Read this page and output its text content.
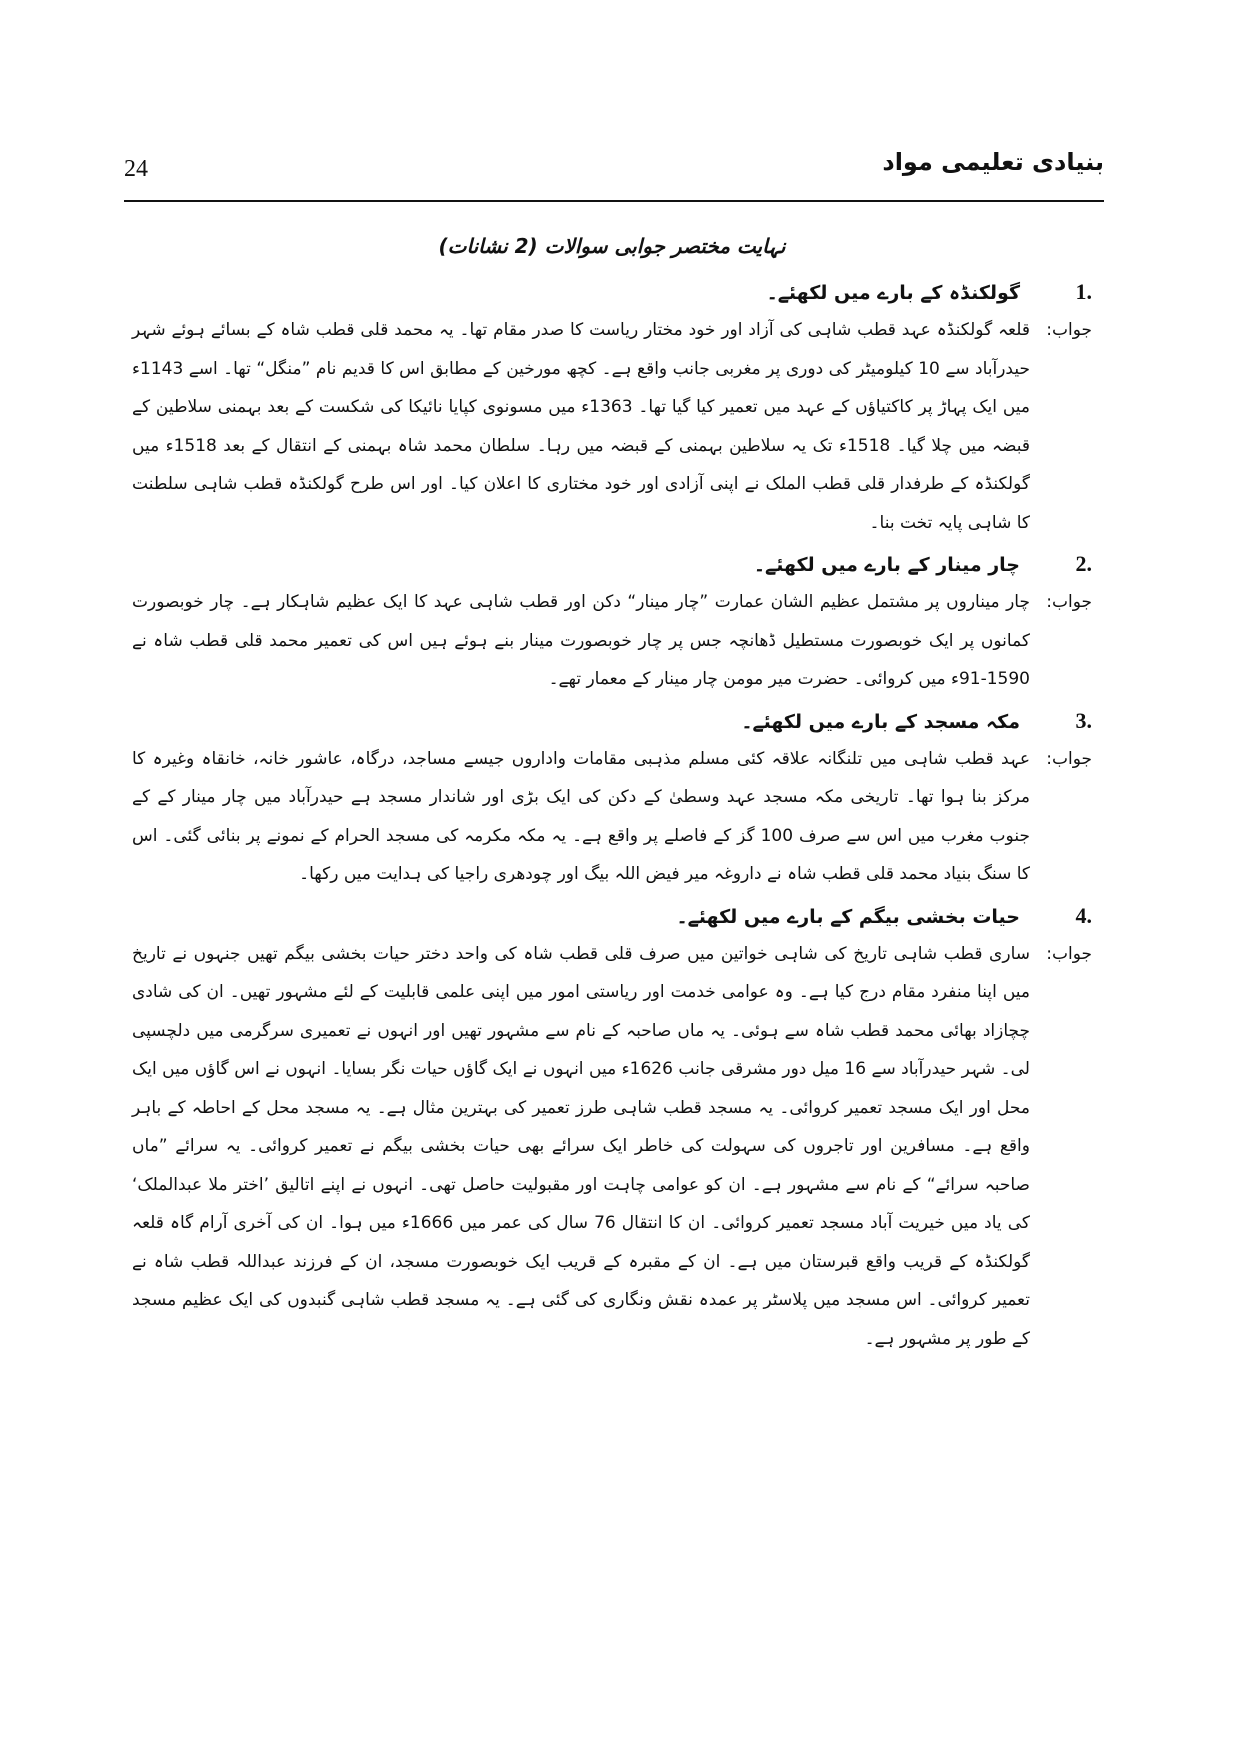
24	بنیادی تعلیمی مواد
نہایت مختصر جوابی سوالات (2 نشانات)
.1
گولکنڈہ کے بارے میں لکھئے۔
جواب:
قلعہ گولکنڈہ عہد قطب شاہی کی آزاد اور خود مختار ریاست کا صدر مقام تھا۔ یہ محمد قلی قطب شاہ کے بسائے ہوئے شہر حیدرآباد سے 10 کیلومیٹر کی دوری پر مغربی جانب واقع ہے۔ کچھ مورخین کے مطابق اس کا قدیم نام ”منگل“ تھا۔ اسے 1143ء میں ایک پہاڑ پر کاکتیاؤں کے عہد میں تعمیر کیا گیا تھا۔ 1363ء میں مسونوی کپایا نائیکا کی شکست کے بعد بہمنی سلاطین کے قبضہ میں چلا گیا۔ 1518ء تک یہ سلاطین بہمنی کے قبضہ میں رہا۔ سلطان محمد شاہ بہمنی کے انتقال کے بعد 1518ء میں گولکنڈہ کے طرفدار قلی قطب الملک نے اپنی آزادی اور خود مختاری کا اعلان کیا۔ اور اس طرح گولکنڈہ قطب شاہی سلطنت کا شاہی پایہ تخت بنا۔
.2
چار مینار کے بارے میں لکھئے۔
جواب:
چار میناروں پر مشتمل عظیم الشان عمارت ”چار مینار“ دکن اور قطب شاہی عہد کا ایک عظیم شاہکار ہے۔ چار خوبصورت کمانوں پر ایک خوبصورت مستطیل ڈھانچہ جس پر چار خوبصورت مینار بنے ہوئے ہیں اس کی تعمیر محمد قلی قطب شاہ نے 1590-91ء میں کروائی۔ حضرت میر مومن چار مینار کے معمار تھے۔
.3
مکہ مسجد کے بارے میں لکھئے۔
جواب:
عہد قطب شاہی میں تلنگانہ علاقہ کئی مسلم مذہبی مقامات واداروں جیسے مساجد، درگاہ، عاشور خانہ، خانقاہ وغیرہ کا مرکز بنا ہوا تھا۔ تاریخی مکہ مسجد عہد وسطیٰ کے دکن کی ایک بڑی اور شاندار مسجد ہے حیدرآباد میں چار مینار کے کے جنوب مغرب میں اس سے صرف 100 گز کے فاصلے پر واقع ہے۔ یہ مکہ مکرمہ کی مسجد الحرام کے نمونے پر بنائی گئی۔ اس کا سنگ بنیاد محمد قلی قطب شاہ نے داروغہ میر فیض اللہ بیگ اور چودھری راجیا کی ہدایت میں رکھا۔
.4
حیات بخشی بیگم کے بارے میں لکھئے۔
جواب:
ساری قطب شاہی تاریخ کی شاہی خواتین میں صرف قلی قطب شاہ کی واحد دختر حیات بخشی بیگم تھیں جنہوں نے تاریخ میں اپنا منفرد مقام درج کیا ہے۔ وہ عوامی خدمت اور ریاستی امور میں اپنی علمی قابلیت کے لئے مشہور تھیں۔ ان کی شادی چچازاد بھائی محمد قطب شاہ سے ہوئی۔ یہ ماں صاحبہ کے نام سے مشہور تھیں اور انہوں نے تعمیری سرگرمی میں دلچسپی لی۔ شہر حیدرآباد سے 16 میل دور مشرقی جانب 1626ء میں انہوں نے ایک گاؤں حیات نگر بسایا۔ انہوں نے اس گاؤں میں ایک محل اور ایک مسجد تعمیر کروائی۔ یہ مسجد قطب شاہی طرز تعمیر کی بہترین مثال ہے۔ یہ مسجد محل کے احاطہ کے باہر واقع ہے۔ مسافرین اور تاجروں کی سہولت کی خاطر ایک سرائے بھی حیات بخشی بیگم نے تعمیر کروائی۔ یہ سرائے ”ماں صاحبہ سرائے“ کے نام سے مشہور ہے۔ ان کو عوامی چاہت اور مقبولیت حاصل تھی۔ انہوں نے اپنے اتالیق ’اختر ملا عبدالملک‘ کی یاد میں خیریت آباد مسجد تعمیر کروائی۔ ان کا انتقال 76 سال کی عمر میں 1666ء میں ہوا۔ ان کی آخری آرام گاہ قلعہ گولکنڈہ کے قریب واقع قبرستان میں ہے۔ ان کے مقبرہ کے قریب ایک خوبصورت مسجد، ان کے فرزند عبداللہ قطب شاہ نے تعمیر کروائی۔ اس مسجد میں پلاسٹر پر عمدہ نقش ونگاری کی گئی ہے۔ یہ مسجد قطب شاہی گنبدوں کی ایک عظیم مسجد کے طور پر مشہور ہے۔
